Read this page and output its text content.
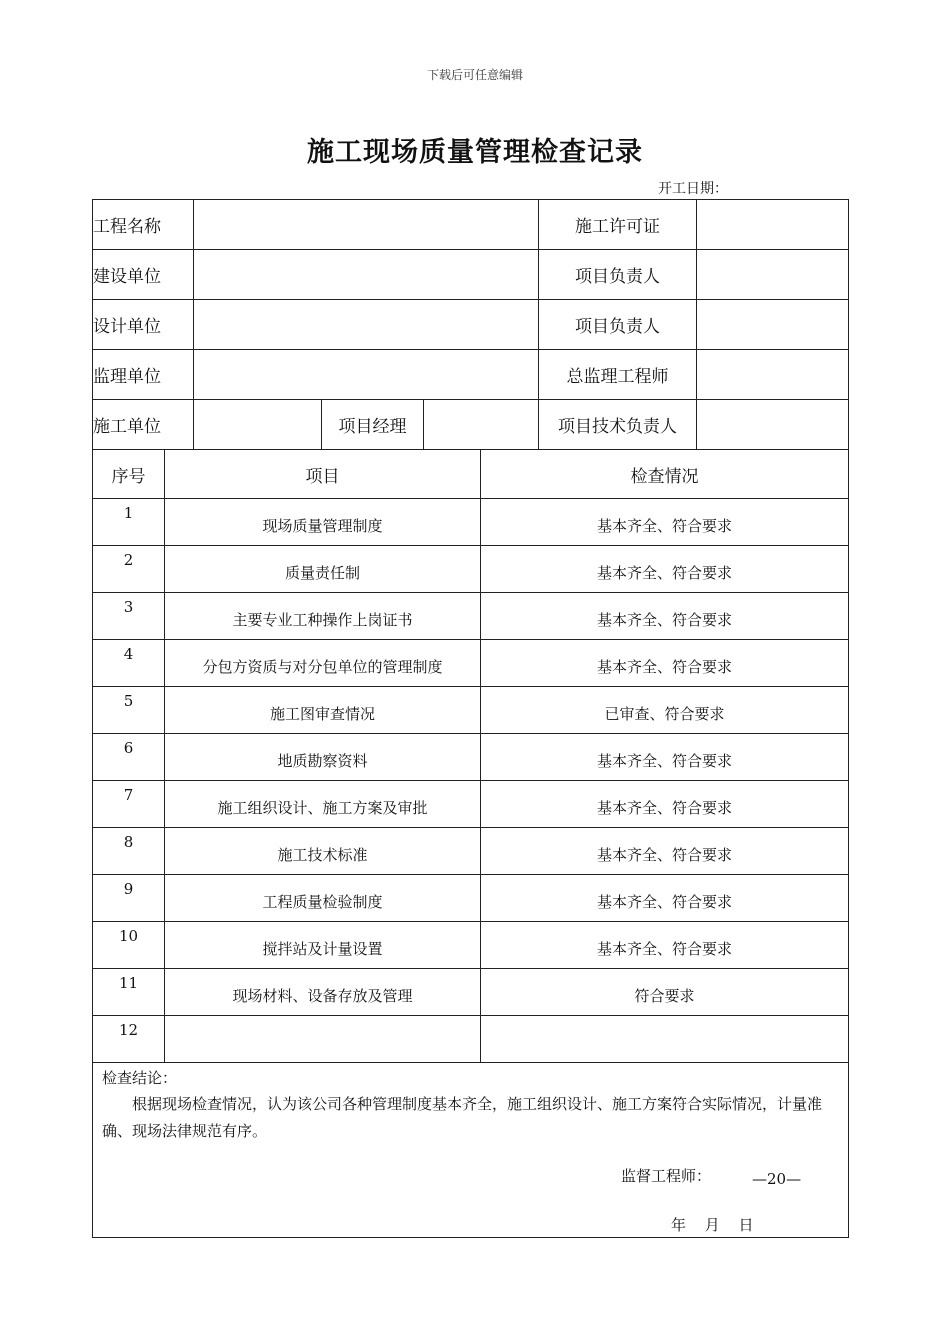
下载后可任意编辑
施工现场质量管理检查记录
开工日期：
工程名称						施工许可证	
建设单位						项目负责人	
设计单位						项目负责人	
监理单位						总监理工程师	
施工单位			项目经理			项目技术负责人	
序号	项目				检查情况		
1	现场质量管理制度				基本齐全、符合要求		
2	质量责任制				基本齐全、符合要求		
3	主要专业工种操作上岗证书				基本齐全、符合要求		
4	分包方资质与对分包单位的管理制度				基本齐全、符合要求		
5	施工图审查情况				已审查、符合要求		
6	地质勘察资料				基本齐全、符合要求		
7	施工组织设计、施工方案及审批				基本齐全、符合要求		
8	施工技术标准				基本齐全、符合要求		
9	工程质量检验制度				基本齐全、符合要求		
10	搅拌站及计量设置				基本齐全、符合要求		
11	现场材料、设备存放及管理				符合要求		
12							

检查结论：
根据现场检查情况，认为该公司各种管理制度基本齐全，施工组织设计、施工方案符合实际情况，计量准确、现场法律规范有序。
监督工程师：
年 月 日							
—20—
